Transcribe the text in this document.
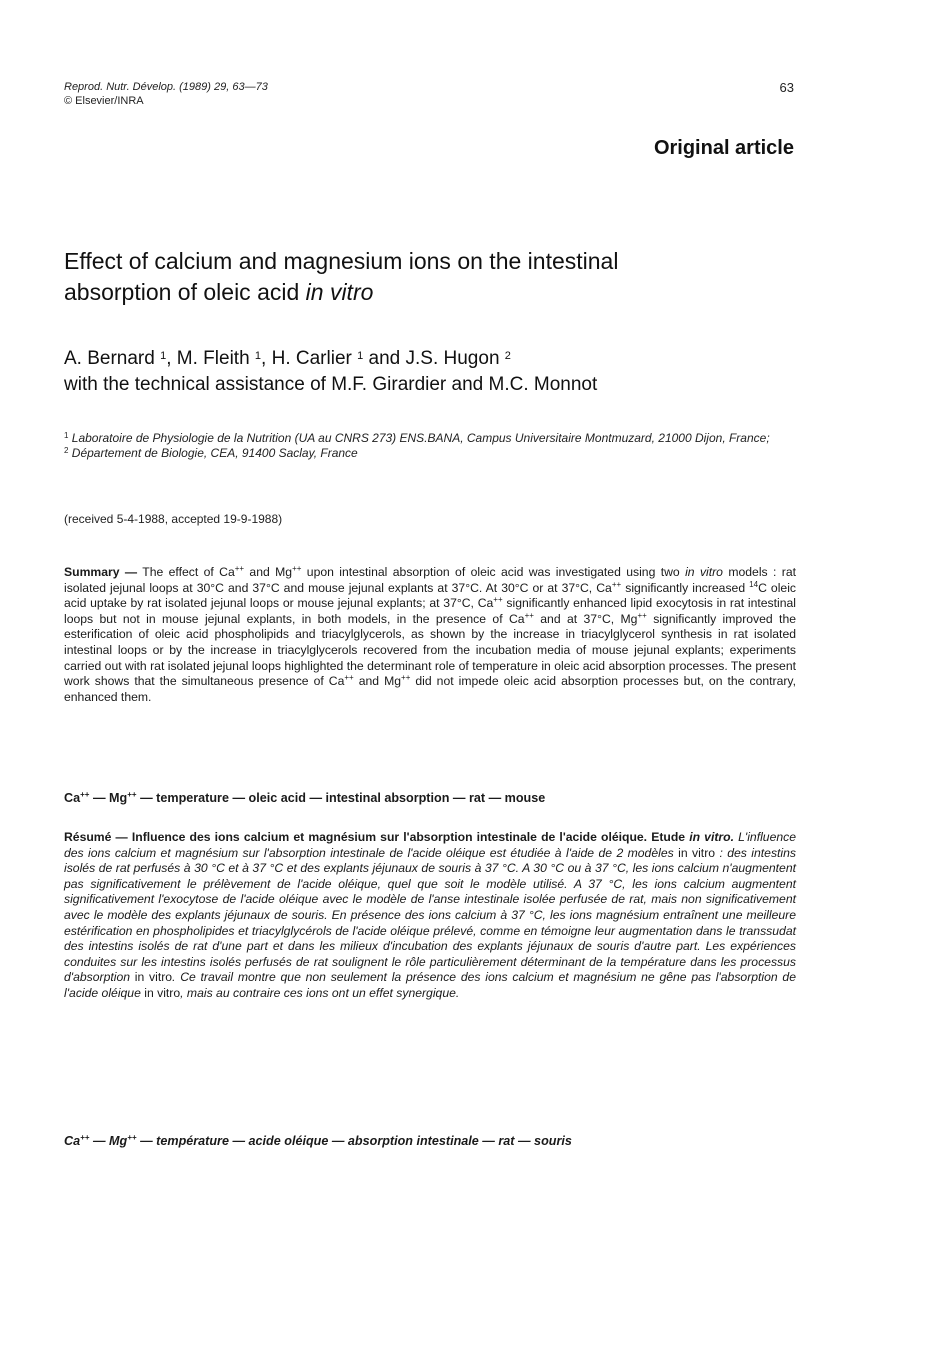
Reprod. Nutr. Dévelop. (1989) 29, 63—73
© Elsevier/INRA
63
Original article
Effect of calcium and magnesium ions on the intestinal
absorption of oleic acid in vitro
A. Bernard $^1$, M. Fleith $^1$, H. Carlier $^1$ and J.S. Hugon $^2$
with the technical assistance of M.F. Girardier and M.C. Monnot
$^1$ Laboratoire de Physiologie de la Nutrition (UA au CNRS 273) ENS.BANA, Campus Universitaire Montmuzard, 21000 Dijon, France;
$^2$ Département de Biologie, CEA, 91400 Saclay, France
(received 5-4-1988, accepted 19-9-1988)
Summary — The effect of Ca++ and Mg++ upon intestinal absorption of oleic acid was investigated using two in vitro models : rat isolated jejunal loops at 30°C and 37°C and mouse jejunal explants at 37°C. At 30°C or at 37°C, Ca++ significantly increased $^{14}$C oleic acid uptake by rat isolated jejunal loops or mouse jejunal explants; at 37°C, Ca++ significantly enhanced lipid exocytosis in rat intestinal loops but not in mouse jejunal explants, in both models, in the presence of Ca++ and at 37°C, Mg++ significantly improved the esterification of oleic acid phospholipids and triacylglycerols, as shown by the increase in triacylglycerol synthesis in rat isolated intestinal loops or by the increase in triacylglycerols recovered from the incubation media of mouse jejunal explants; experiments carried out with rat isolated jejunal loops highlighted the determinant role of temperature in oleic acid absorption processes. The present work shows that the simultaneous presence of Ca++ and Mg++ did not impede oleic acid absorption processes but, on the contrary, enhanced them.
Ca++ — Mg++ — temperature — oleic acid — intestinal absorption — rat — mouse
Résumé — Influence des ions calcium et magnésium sur l'absorption intestinale de l'acide oléique. Etude in vitro. L'influence des ions calcium et magnésium sur l'absorption intestinale de l'acide oléique est étudiée à l'aide de 2 modèles in vitro : des intestins isolés de rat perfusés à 30 °C et à 37 °C et des explants jéjunaux de souris à 37 °C. A 30 °C ou à 37 °C, les ions calcium n'augmentent pas significativement le prélèvement de l'acide oléique, quel que soit le modèle utilisé. A 37 °C, les ions calcium augmentent significativement l'exocytose de l'acide oléique avec le modèle de l'anse intestinale isolée perfusée de rat, mais non significativement avec le modèle des explants jéjunaux de souris. En présence des ions calcium à 37 °C, les ions magnésium entraînent une meilleure estérification en phospholipides et triacylglycérols de l'acide oléique prélevé, comme en témoigne leur augmentation dans le transsudat des intestins isolés de rat d'une part et dans les milieux d'incubation des explants jéjunaux de souris d'autre part. Les expériences conduites sur les intestins isolés perfusés de rat soulignent le rôle particulièrement déterminant de la température dans les processus d'absorption in vitro. Ce travail montre que non seulement la présence des ions calcium et magnésium ne gêne pas l'absorption de l'acide oléique in vitro, mais au contraire ces ions ont un effet synergique.
Ca++ — Mg++ — température — acide oléique — absorption intestinale — rat — souris
